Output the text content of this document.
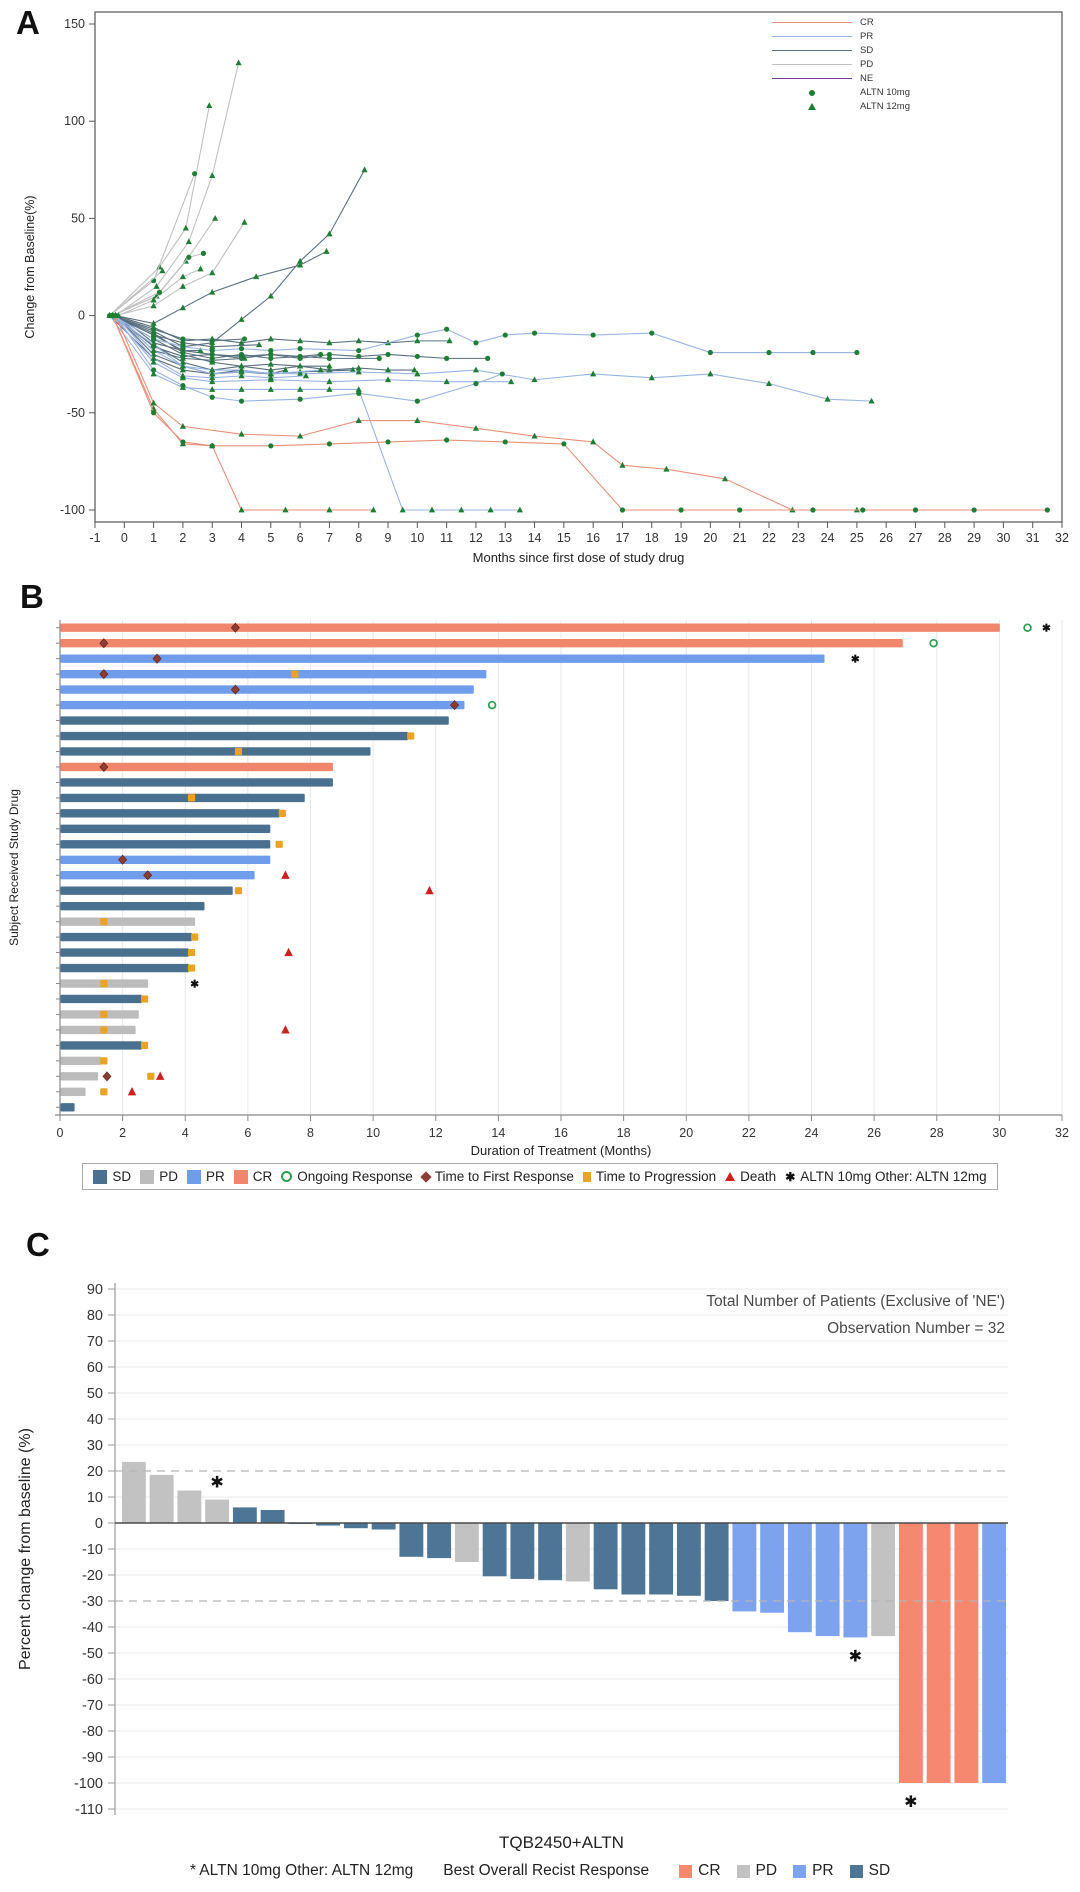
A 150
100
50
0
-50
-100
-1 0 1 2 3 4 5 6 7 8 9 10 11 12 13 14 15 16 17 18 19 20 21 22 23 24 25 26 27 28 29 30 31 32
Months since first dose of study drug
Change from Baseline(%)
CR
PR
SD
PD
NE
ALTN 10mg
ALTN 12mg
B
0	2	4	6	8	10	12	14	16	18	20	22	24	26	28	30	32
Duration of Treatment (Months)
Subject Received Study Drug
✱
✱
✱
SD PD PR CR Ongoing Response Time to First Response Time to Progression Death ✱ ALTN 10mg Other: ALTN 12mg
C
90
80
70
60
50
40
30
20
10
0
-10
-20
-30
-40
-50
-60
-70
-80
-90
-100
-110
✱
✱
✱
Total Number of Patients (Exclusive of 'NE')
Observation Number = 32
Percent change from baseline (%)
TQB2450+ALTN
* ALTN 10mg Other: ALTN 12mg Best Overall Recist Response	CR PD PR SD
